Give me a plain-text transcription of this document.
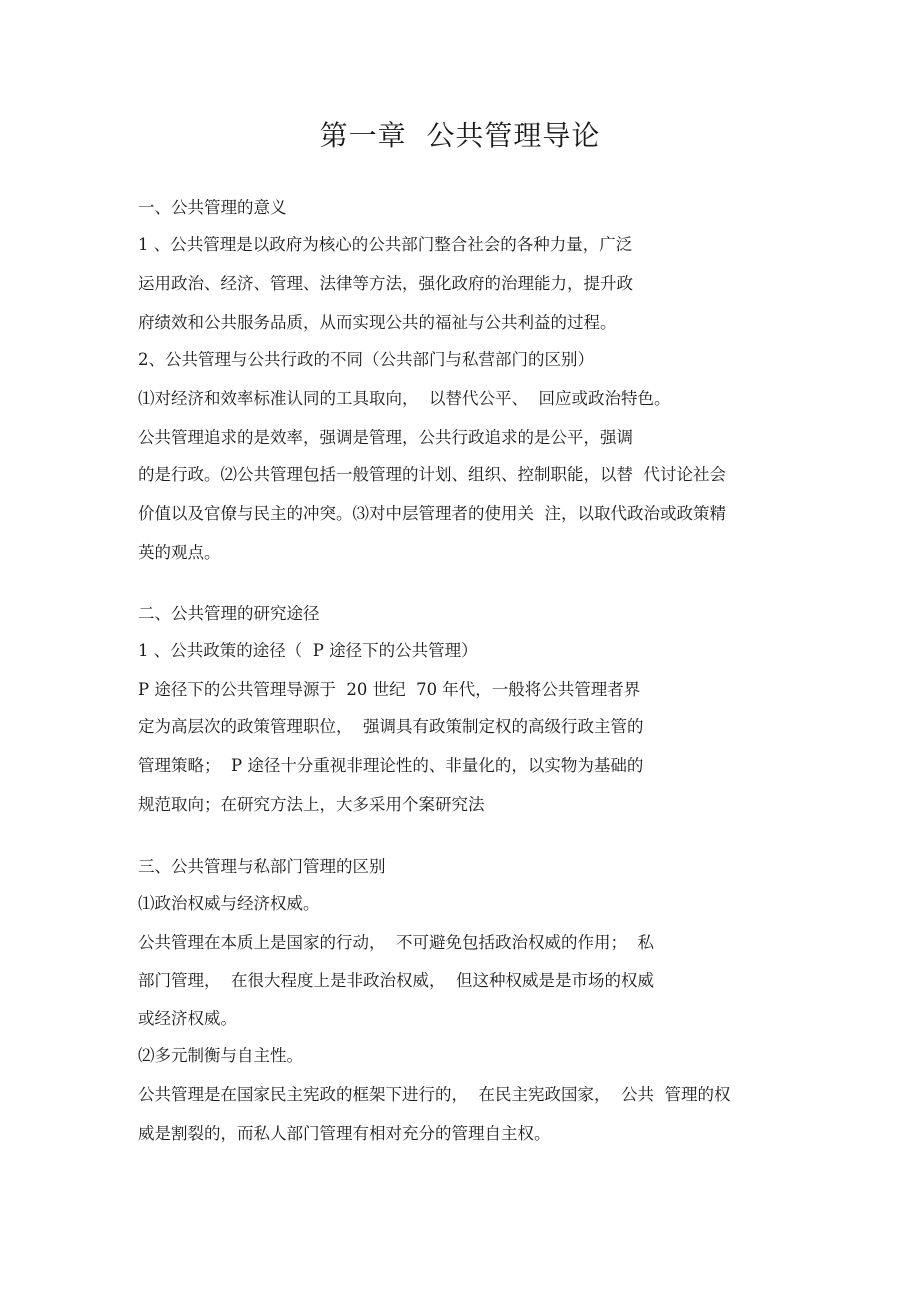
第一章  公共管理导论
一、公共管理的意义
1 、公共管理是以政府为核心的公共部门整合社会的各种力量，广泛
运用政治、经济、管理、法律等方法，强化政府的治理能力，提升政
府绩效和公共服务品质，从而实现公共的福祉与公共利益的过程。
2、公共管理与公共行政的不同（公共部门与私营部门的区别）
⑴对经济和效率标准认同的工具取向，  以替代公平、  回应或政治特色。
公共管理追求的是效率，强调是管理，公共行政追求的是公平，强调
的是行政。⑵公共管理包括一般管理的计划、组织、控制职能，以替  代讨论社会
价值以及官僚与民主的冲突。⑶对中层管理者的使用关  注，以取代政治或政策精
英的观点。
二、公共管理的研究途径
1 、公共政策的途径（  P 途径下的公共管理）
P 途径下的公共管理导源于  20 世纪  70 年代，一般将公共管理者界
定为高层次的政策管理职位，  强调具有政策制定权的高级行政主管的
管理策略；  P 途径十分重视非理论性的、非量化的，以实物为基础的
规范取向；在研究方法上，大多采用个案研究法
三、公共管理与私部门管理的区别
⑴政治权威与经济权威。
公共管理在本质上是国家的行动，  不可避免包括政治权威的作用；  私
部门管理，  在很大程度上是非政治权威，  但这种权威是是市场的权威
或经济权威。
⑵多元制衡与自主性。
公共管理是在国家民主宪政的框架下进行的，  在民主宪政国家，  公共  管理的权
威是割裂的，而私人部门管理有相对充分的管理自主权。
